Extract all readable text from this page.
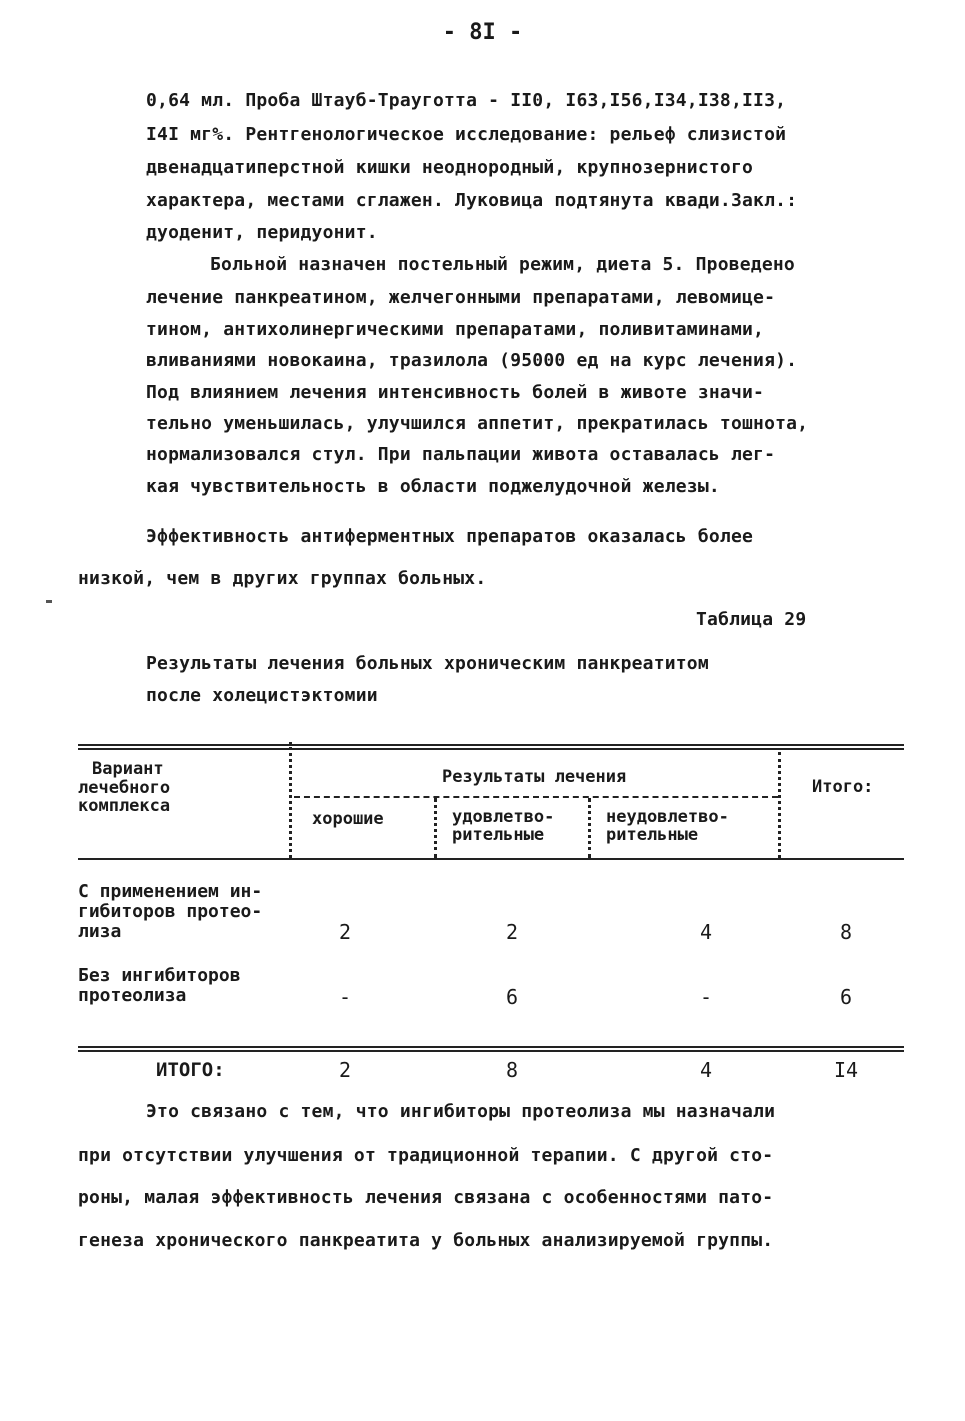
- 8I -
0,64 мл. Проба Штауб-Трауготта - II0, I63,I56,I34,I38,II3,
I4I мг%. Рентгенологическое исследование: рельеф слизистой
двенадцатиперстной кишки неоднородный, крупнозернистого
характера, местами сглажен. Луковица подтянута квади.Закл.:
дуоденит, перидуонит.
Больной назначен постельный режим, диета 5. Проведено
лечение панкреатином, желчегонными препаратами, левомице-
тином, антихолинергическими препаратами, поливитаминами,
вливаниями новокаина, тразилола (95000 ед на курс лечения).
Под влиянием лечения интенсивность болей в животе значи-
тельно уменьшилась, улучшился аппетит, прекратилась тошнота,
нормализовался стул. При пальпации живота оставалась лег-
кая чувствительность в области поджелудочной железы.
Эффективность антиферментных препаратов оказалась более
низкой, чем в других группах больных.
Таблица 29
Результаты лечения больных хроническим панкреатитом
после холецистэктомии
Вариант
лечебного
комплекса
Результаты лечения	Итого:
хорошие	удовлетво-
рительные
неудовлетво-
рительные
С применением ин-
гибиторов протео-
лиза	2	2	4	8
Без ингибиторов
протеолиза	-	6	-	6
ИТОГО:	2	8	4	I4
Это связано с тем, что ингибиторы протеолиза мы назначали
при отсутствии улучшения от традиционной терапии. С другой сто-
роны, малая эффективность лечения связана с особенностями пато-
генеза хронического панкреатита у больных анализируемой группы.
